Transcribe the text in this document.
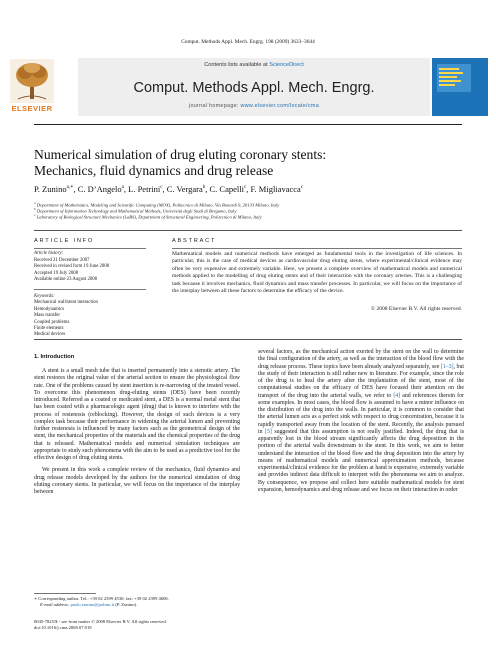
Comput. Methods Appl. Mech. Engrg. 198 (2009) 3633–3644
ELSEVIER
Contents lists available at ScienceDirect
Comput. Methods Appl. Mech. Engrg.
journal homepage: www.elsevier.com/locate/cma
Numerical simulation of drug eluting coronary stents:
Mechanics, fluid dynamics and drug release
P. Zunino$^{a,∗}$, C. D’Angelo$^a$, L. Petrini$^c$, C. Vergara$^b$, C. Capelli$^c$, F. Migliavacca$^c$
$^a$ Department of Mathematics, Modeling and Scientific Computing (MOX), Politecnico di Milano, Via Bonardi 9, 20133 Milano, Italy
$^b$ Department of Information Technology and Mathematical Methods, Università degli Studi di Bergamo, Italy
$^c$ Laboratory of Biological Structure Mechanics (LaBS), Department of Structural Engineering, Politecnico di Milano, Italy
ARTICLE INFO
Article history:
Received 21 December 2007
Received in revised form 19 June 2008
Accepted 19 July 2008
Available online 23 August 2008
Keywords:
Mechanical wall/stent interaction
Hemodynamics
Mass transfer
Coupled problems
Finite elements
Medical devices
ABSTRACT
Mathematical models and numerical methods have emerged as fundamental tools in the investigation of life sciences. In particular, this is the case of medical devices as cardiovascular drug eluting stents, where experimental/clinical evidence may often be very expensive and extremely variable. Here, we present a complete overview of mathematical models and numerical methods applied to the modelling of drug eluting stents and of their interaction with the coronary arteries. This is a challenging task because it involves mechanics, fluid dynamics and mass transfer processes. In particular, we will focus on the importance of the interplay between all these factors to determine the efficacy of the device.
© 2008 Elsevier B.V. All rights reserved.
1. Introduction

A stent is a small mesh tube that is inserted permanently into a stenotic artery. The stent restores the original value of the arterial section to ensure the physiological flow rate. One of the problems caused by stent insertion is re-narrowing of the treated vessel. To overcome this phenomenon drug-eluting stents (DES) have been recently introduced. Referred as a coated or medicated stent, a DES is a normal metal stent that has been coated with a pharmacologic agent (drug) that is known to interfere with the process of restenosis (reblocking). However, the design of such devices is a very complex task because their performance in widening the arterial lumen and preventing further restenosis is influenced by many factors such as the geometrical design of the stent, the mechanical properties of the materials and the chemical properties of the drug that is released. Mathematical models and numerical simulation techniques are appropriate to study such phenomena with the aim to be used as a predictive tool for the effective design of drug eluting stents.

We present in this work a complete review of the mechanics, fluid dynamics and drug release models developed by the authors for the numerical simulation of drug eluting coronary stents. In particular, we will focus on the importance of the interplay between

∗ Corresponding author. Tel.: +39 02 2399 4530; fax: +39 02 2399 4606.
E-mail address: paolo.zunino@polimi.it (P. Zunino).

several factors, as the mechanical action exerted by the stent on the wall to determine the final configuration of the artery, as well as the interaction of the blood flow with the drug release process. These topics have been already analyzed separately, see [1–3], but the study of their interaction is still rather new in literature. For example, since the role of the drug is to heal the artery after the implantation of the stent, most of the computational studies on the efficacy of DES have focused their attention on the transport of the drug into the arterial walls, we refer to [4] and references therein for some examples. In most cases, the blood flow is assumed to have a minor influence on the distribution of the drug into the walls. In particular, it is common to consider that the arterial lumen acts as a perfect sink with respect to drug concentration, because it is rapidly transported away from the location of the stent. Recently, the analysis pursued in [5] suggested that this assumption is not really justified. Indeed, the drug that is apparently lost in the blood stream significantly affects the drug deposition in the portion of the arterial walls downstream to the stent. In this work, we aim to better understand the interaction of the blood flow and the drug deposition into the artery by means of mathematical models and numerical approximation methods, because experimental/clinical evidence for the problem at hand is expensive, extremely variable and provides indirect data difficult to interpret with the phenomena we aim to analyze. By consequence, we propose and collect here suitable mathematical models for stent expansion, hemodynamics and drug release and we focus on their interaction in order

0045-7825/$ - see front matter © 2008 Elsevier B.V. All rights reserved.
doi:10.1016/j.cma.2008.07.019
